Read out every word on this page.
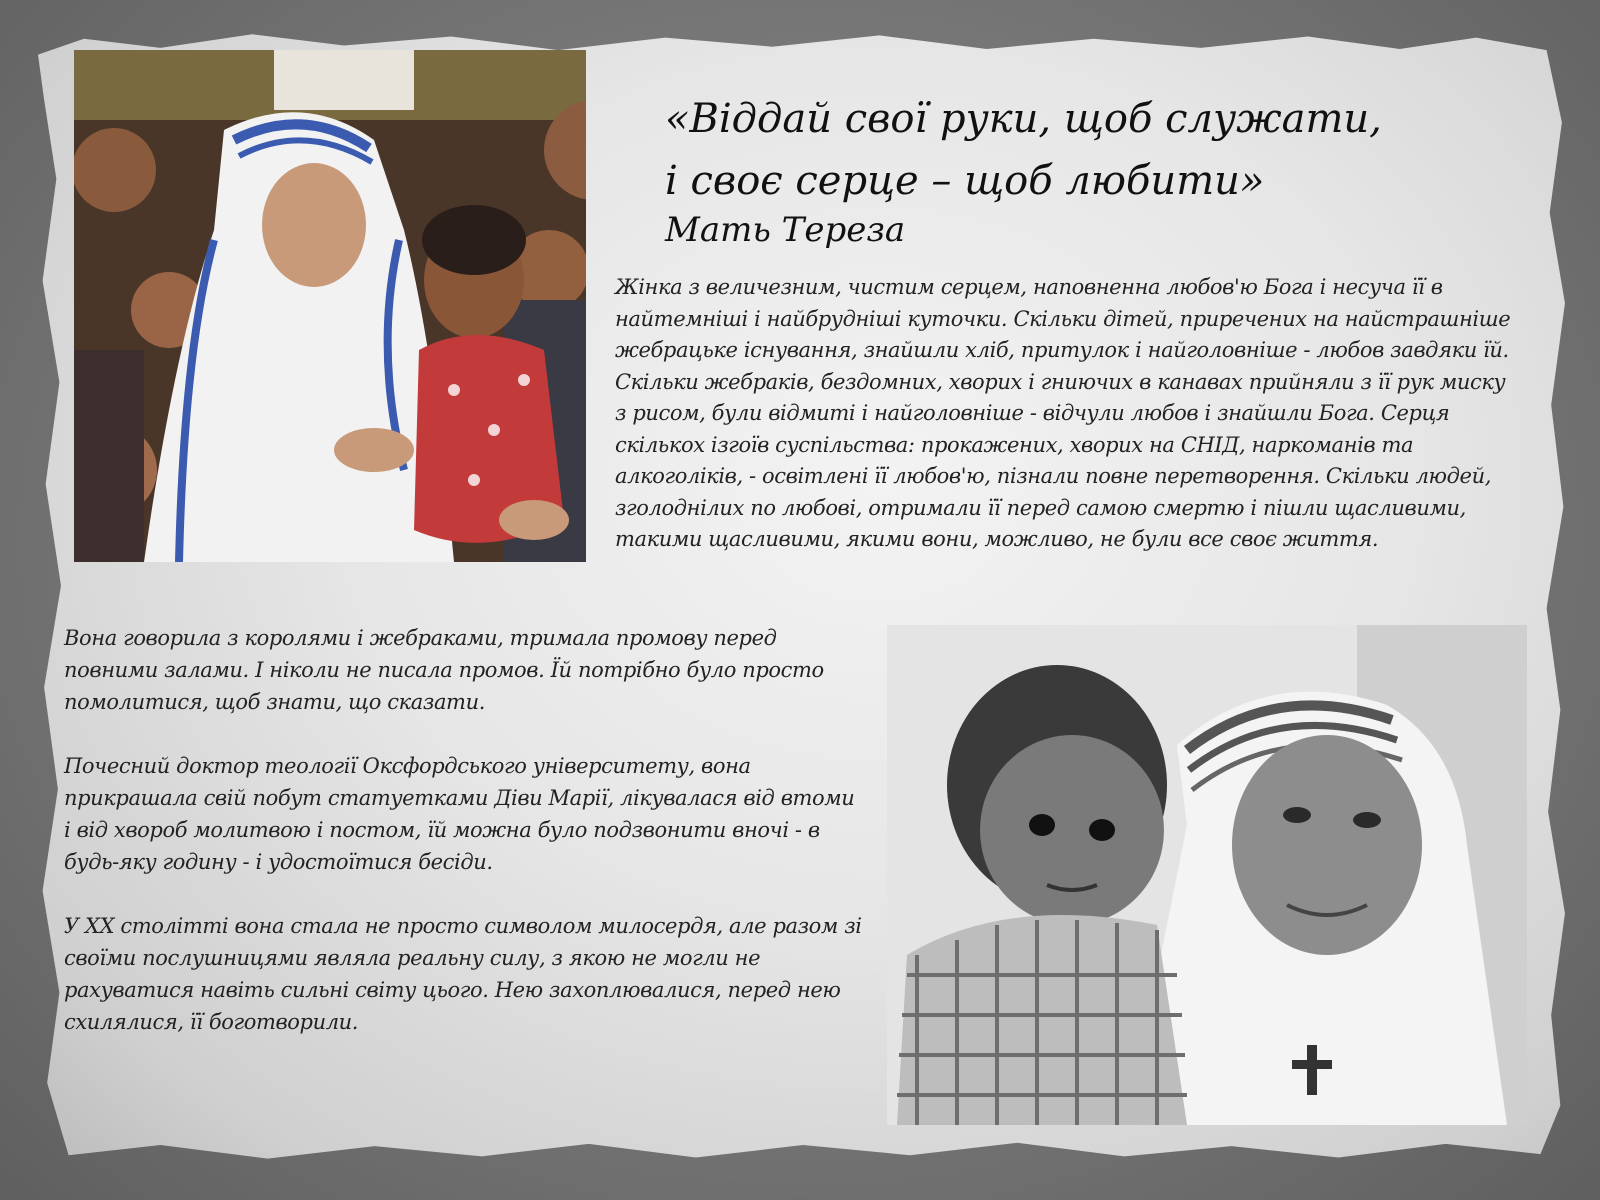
«Віддай свої руки, щоб служати,
і своє серце – щоб любити»
Мать Тереза

Жінка з величезним, чистим серцем, наповненна любов'ю Бога і несуча її в найтемніші і найбрудніші куточки. Скільки дітей, приречених на найстрашніше жебрацьке існування, знайшли хліб, притулок і найголовніше - любов завдяки їй. Скільки жебраків, бездомних, хворих і гниючих в канавах прийняли з її рук миску з рисом, були відмиті і найголовніше - відчули любов і знайшли Бога. Серця скількох ізгоїв суспільства: прокажених, хворих на СНІД, наркоманів та алкоголіків, - освітлені її любов'ю, пізнали повне перетворення. Скільки людей, зголоднілих по любові, отримали її перед самою смертю і пішли щасливими, такими щасливими, якими вони, можливо, не були все своє життя.

Вона говорила з королями і жебраками, тримала промову перед повними залами. І ніколи не писала промов. Їй потрібно було просто помолитися, щоб знати, що сказати.

Почесний доктор теології Оксфордського університету, вона прикрашала свій побут статуетками Діви Марії, лікувалася від втоми і від хвороб молитвою і постом, їй можна було подзвонити вночі - в будь-яку годину - і удостоїтися бесіди.

У ХХ столітті вона стала не просто символом милосердя, але разом зі своїми послушницями являла реальну силу, з якою не могли не рахуватися навіть сильні світу цього. Нею захоплювалися, перед нею схилялися, її боготворили.
